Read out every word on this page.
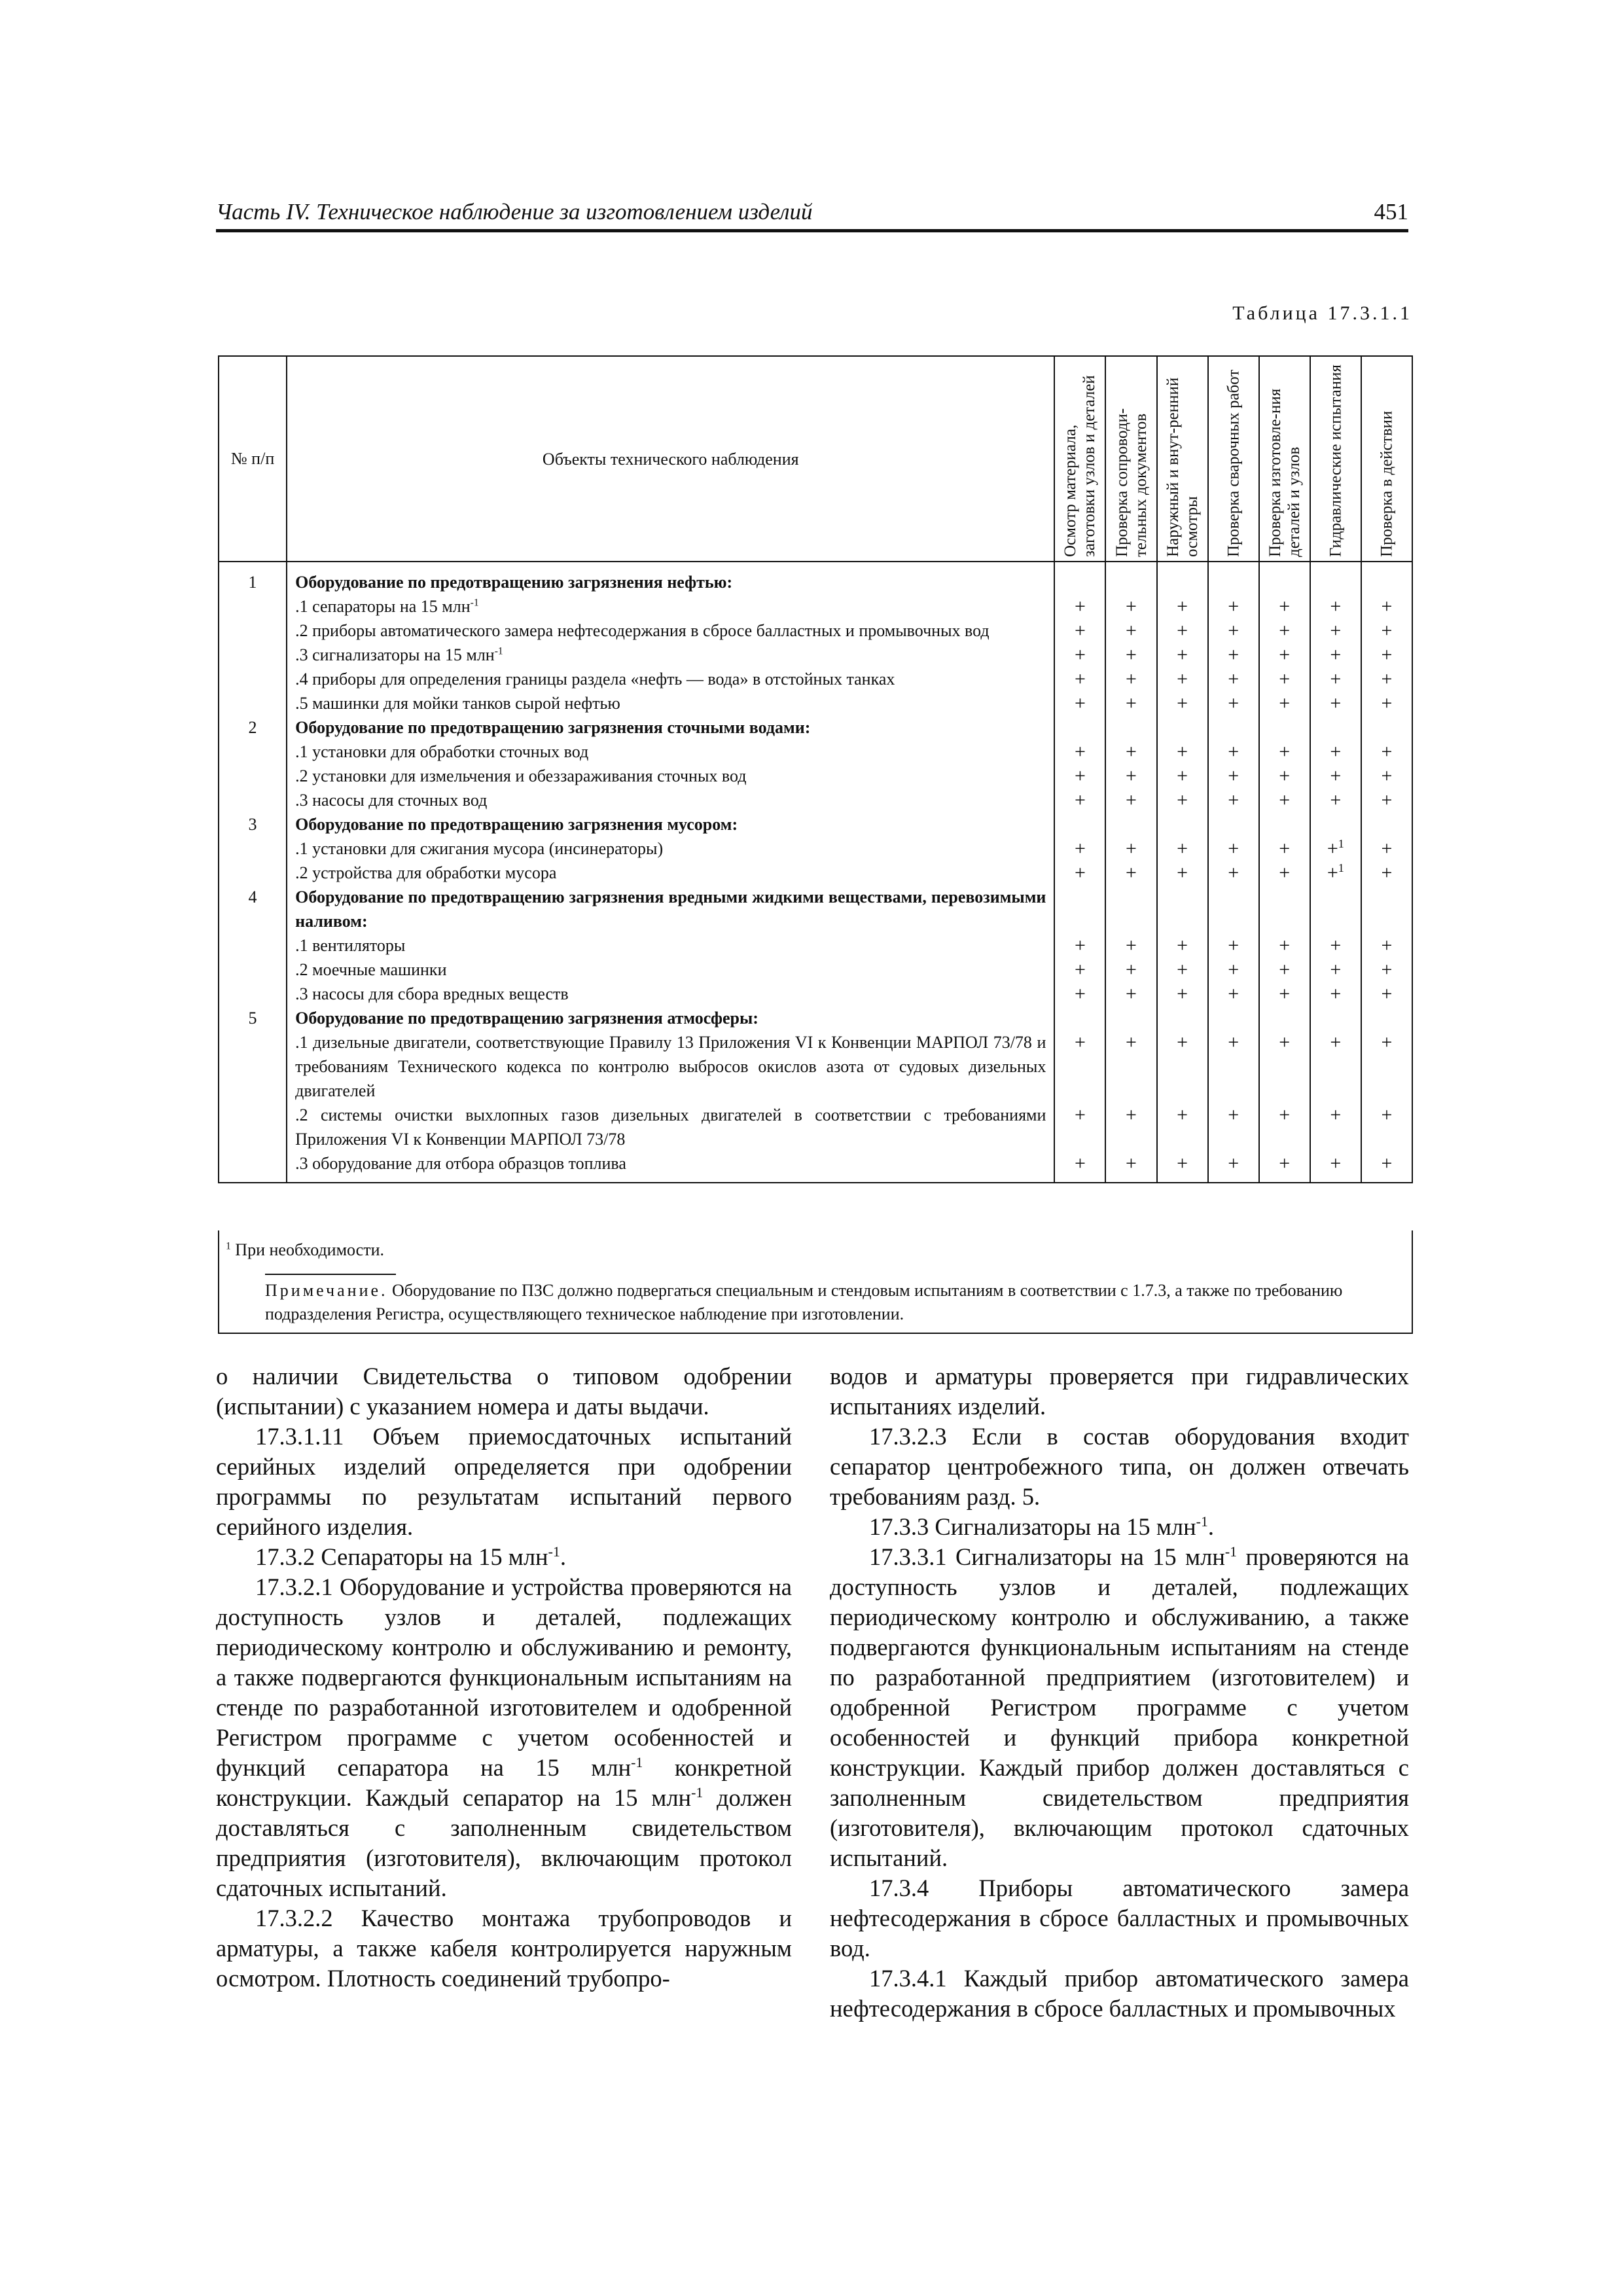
Часть IV. Техническое наблюдение за изготовлением изделий	451
Таблица 17.3.1.1
№ п/п	Объекты технического наблюдения	Осмотр материала, заготовки узлов и деталей	Проверка сопроводи-тельных документов	Наружный и внут-ренний осмотры	Проверка сварочных работ	Проверка изготовле-ния деталей и узлов	Гидравлические испытания	Проверка в действии

1	Оборудование по предотвращению загрязнения нефтью:							
	.1 сепараторы на 15 млн$^{-1}$	+	+	+	+	+	+	+
	.2 приборы автоматического замера нефтесодержания в сбросе балластных и промывочных вод	+	+	+	+	+	+	+
	.3 сигнализаторы на 15 млн$^{-1}$	+	+	+	+	+	+	+
	.4 приборы для определения границы раздела «нефть — вода» в отстойных танках	+	+	+	+	+	+	+
	.5 машинки для мойки танков сырой нефтью	+	+	+	+	+	+	+
2	Оборудование по предотвращению загрязнения сточными водами:							
	.1 установки для обработки сточных вод	+	+	+	+	+	+	+
	.2 установки для измельчения и обеззараживания сточных вод	+	+	+	+	+	+	+
	.3 насосы для сточных вод	+	+	+	+	+	+	+
3	Оборудование по предотвращению загрязнения мусором:							
	.1 установки для сжигания мусора (инсинераторы)	+	+	+	+	+	+$^1$	+
	.2 устройства для обработки мусора	+	+	+	+	+	+$^1$	+
4	Оборудование по предотвращению загрязнения вредными жидкими веществами, перевозимыми наливом:							
	.1 вентиляторы	+	+	+	+	+	+	+
	.2 моечные машинки	+	+	+	+	+	+	+
	.3 насосы для сбора вредных веществ	+	+	+	+	+	+	+
5	Оборудование по предотвращению загрязнения атмосферы:							
	.1 дизельные двигатели, соответствующие Правилу 13 Приложения VI к Конвенции МАРПОЛ 73/78 и требованиям Технического кодекса по контролю выбросов окислов азота от судовых дизельных двигателей	+	+	+	+	+	+	+
	.2 системы очистки выхлопных газов дизельных двигателей в соответствии с требованиями Приложения VI к Конвенции МАРПОЛ 73/78	+	+	+	+	+	+	+
	.3 оборудование для отбора образцов топлива	+	+	+	+	+	+	+
$^1$ При необходимости.
Примечание. Оборудование по ПЗС должно подвергаться специальным и стендовым испытаниям в соответствии с 1.7.3, а также по требованию подразделения Регистра, осуществляющего техническое наблюдение при изготовлении.

о наличии Свидетельства о типовом одобрении (испытании) с указанием номера и даты выдачи.

17.3.1.11 Объем приемосдаточных испытаний серийных изделий определяется при одобрении программы по результатам испытаний первого серийного изделия.

17.3.2 Сепараторы на 15 млн$^{-1}$.

17.3.2.1 Оборудование и устройства проверяются на доступность узлов и деталей, подлежащих периодическому контролю и обслуживанию и ремонту, а также подвергаются функциональным испытаниям на стенде по разработанной изготовителем и одобренной Регистром программе с учетом особенностей и функций сепаратора на 15 млн$^{-1}$ конкретной конструкции. Каждый сепаратор на 15 млн$^{-1}$ должен доставляться с заполненным свидетельством предприятия (изготовителя), включающим протокол сдаточных испытаний.

17.3.2.2 Качество монтажа трубопроводов и арматуры, а также кабеля контролируется наружным осмотром. Плотность соединений трубопро-

водов и арматуры проверяется при гидравлических испытаниях изделий.

17.3.2.3 Если в состав оборудования входит сепаратор центробежного типа, он должен отвечать требованиям разд. 5.

17.3.3 Сигнализаторы на 15 млн$^{-1}$.

17.3.3.1 Сигнализаторы на 15 млн$^{-1}$ проверяются на доступность узлов и деталей, подлежащих периодическому контролю и обслуживанию, а также подвергаются функциональным испытаниям на стенде по разработанной предприятием (изготовителем) и одобренной Регистром программе с учетом особенностей и функций прибора конкретной конструкции. Каждый прибор должен доставляться с заполненным свидетельством предприятия (изготовителя), включающим протокол сдаточных испытаний.

17.3.4 Приборы автоматического замера нефтесодержания в сбросе балластных и промывочных вод.

17.3.4.1 Каждый прибор автоматического замера нефтесодержания в сбросе балластных и промывочных
